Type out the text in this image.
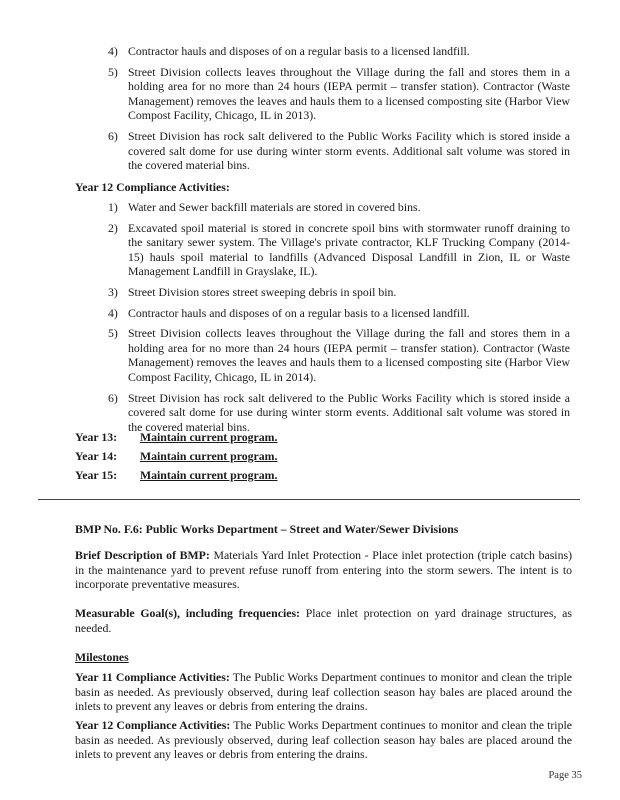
4) Contractor hauls and disposes of on a regular basis to a licensed landfill.
5) Street Division collects leaves throughout the Village during the fall and stores them in a holding area for no more than 24 hours (IEPA permit – transfer station). Contractor (Waste Management) removes the leaves and hauls them to a licensed composting site (Harbor View Compost Facility, Chicago, IL in 2013).
6) Street Division has rock salt delivered to the Public Works Facility which is stored inside a covered salt dome for use during winter storm events. Additional salt volume was stored in the covered material bins.
Year 12 Compliance Activities:
1) Water and Sewer backfill materials are stored in covered bins.
2) Excavated spoil material is stored in concrete spoil bins with stormwater runoff draining to the sanitary sewer system. The Village's private contractor, KLF Trucking Company (2014-15) hauls spoil material to landfills (Advanced Disposal Landfill in Zion, IL or Waste Management Landfill in Grayslake, IL).
3) Street Division stores street sweeping debris in spoil bin.
4) Contractor hauls and disposes of on a regular basis to a licensed landfill.
5) Street Division collects leaves throughout the Village during the fall and stores them in a holding area for no more than 24 hours (IEPA permit – transfer station). Contractor (Waste Management) removes the leaves and hauls them to a licensed composting site (Harbor View Compost Facility, Chicago, IL in 2014).
6) Street Division has rock salt delivered to the Public Works Facility which is stored inside a covered salt dome for use during winter storm events. Additional salt volume was stored in the covered material bins.
Year 13: Maintain current program.
Year 14: Maintain current program.
Year 15: Maintain current program.
BMP No. F.6: Public Works Department – Street and Water/Sewer Divisions
Brief Description of BMP: Materials Yard Inlet Protection - Place inlet protection (triple catch basins) in the maintenance yard to prevent refuse runoff from entering into the storm sewers. The intent is to incorporate preventative measures.
Measurable Goal(s), including frequencies: Place inlet protection on yard drainage structures, as needed.
Milestones
Year 11 Compliance Activities: The Public Works Department continues to monitor and clean the triple basin as needed. As previously observed, during leaf collection season hay bales are placed around the inlets to prevent any leaves or debris from entering the drains.
Year 12 Compliance Activities: The Public Works Department continues to monitor and clean the triple basin as needed. As previously observed, during leaf collection season hay bales are placed around the inlets to prevent any leaves or debris from entering the drains.
Page 35
